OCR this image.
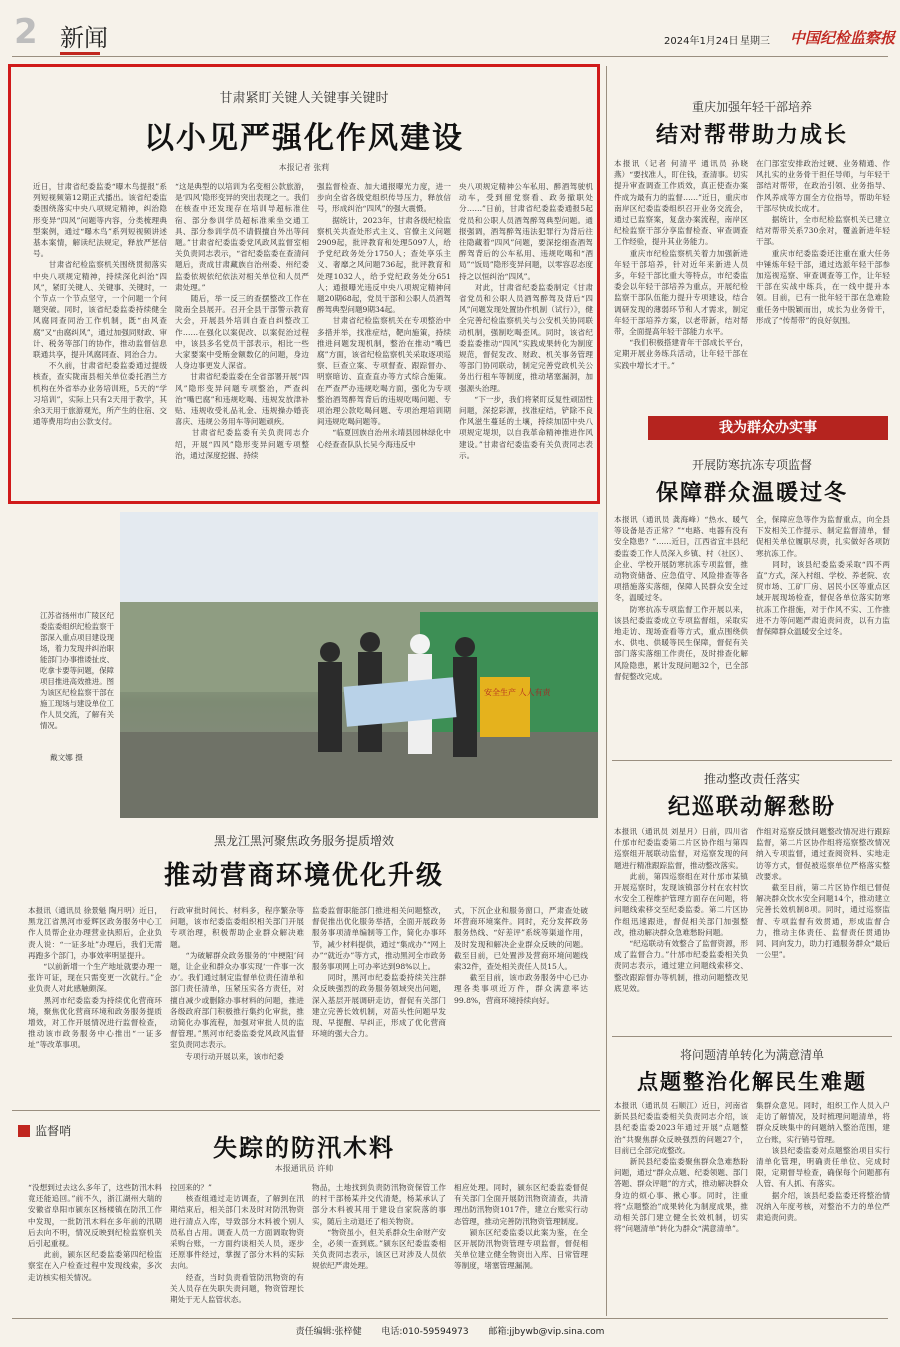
2 新闻	2024年1月24日 星期三 中国纪检监察报
甘肃紧盯关键人关键事关键时
以小见严强化作风建设
本报记者 张莉
近日，甘肃省纪委监委“曝木鸟提报”系列短视频第12期正式播出。该省纪委监委围绕落实中央八项规定精神，纠治隐形变异“四风”问题等内容，分类梳理典型案例，通过“曝木鸟”系列短视频讲述基本案情，解读纪法规定，释放严惩信号。
　　甘肃省纪检监察机关围绕贯彻落实中央八项规定精神，持续深化纠治“四风”，紧盯关键人、关键事、关键时，一个节点一个节点坚守，一个问题一个问题突破。同时，该省纪委监委持续健全风腐同查同治工作机制，既“由风查腐”又“由腐纠风”，通过加强同财政、审计、税务等部门的协作，推动监督信息联通共享，提升风腐同查、同治合力。
　　不久前，甘肃省纪委监委通过提级核查，查实陇南县相关单位委托酒兰方机构在外省举办业务培训班，5天的“学习培训”，实际上只有2天用于教学，其余3天用于旅游观光，所产生的住宿、交通等费用均由公款支付。
“这是典型的以培训为名变相公款旅游，是‘四风’隐形变异的突出表现之一。我们在核查中还发现存在培训导超标准住宿、部分参训学员超标准乘坐交通工具、部分参训学员不请假擅自外出等问题。”甘肃省纪委监委党风政风监督室相关负责同志表示，“省纪委监委在查清问题后，责成甘肃藏族自治州委、州纪委监委依规依纪依法对相关单位和人员严肃处理。”
　　随后，举一反三的查摆整改工作在陇南全县展开。召开全县干部警示教育大会，开展县外培训自查自纠整改工作……在强化以案促改、以案促治过程中，该县多名党员干部表示，相比一些大家要案中受贿金额数亿的问题，身边人身边事更发人深省。
　　甘肃省纪委监委在全省部署开展“四风”隐形变异问题专项整治，严查纠治“嘴巴腐”和违规吃喝、违规发放津补贴、违规收受礼品礼金、违规操办婚丧喜庆、违规公务用车等问题顽疾。
　　甘肃省纪委监委有关负责同志介绍，开展“四风”隐形变异问题专项整治，通过深度挖掘、持续
强监督检查、加大通报曝光力度，进一步向全省各级党组织传导压力，释放信号，形成纠治“四风”的强大震慑。
　　据统计，2023年，甘肃各级纪检监察机关共查处形式主义、官僚主义问题2909起，批评教育和处理5097人，给予党纪政务处分1750人；查处享乐主义、奢靡之风问题736起，批评教育和处理1032人，给予党纪政务处分651人；通报曝光违反中央八项规定精神问题20期68起，党员干部和公职人员酒驾醉驾典型问题9期34起。
　　甘肃省纪检监察机关在专项整治中多措并举，找准症结，靶向施策，持续推进问题发现机制，整治在推动“嘴巴腐”方面，该省纪检监察机关采取逐项巡察、巨查立案、专项督查、跟踪督办、明察暗访、直查直办等方式综合施策。在严查严办违规吃喝方面，强化为专项整治酒驾醉驾背后的违规吃喝问题、专项治理公款吃喝问题、专项治理培训期间违规吃喝问题等。
　　“临夏回族自治州永靖县园林绿化中心经查查队队长吴今海违反中
央八项规定精神公车私用、醉酒驾驶机动车，受到留党察看、政务撤职处分……”日前，甘肃省纪委监委通报5起党员和公职人员酒驾醉驾典型问题。通报强调，酒驾醉驾违法犯罪行为背后往往隐藏着“四风”问题，要深挖细查酒驾醉驾背后的公车私用、违规吃喝和“酒局”“饭局”隐形变异问题，以零容忍态度持之以恒纠治“四风”。
　　对此，甘肃省纪委监委制定《甘肃省党员和公职人员酒驾醉驾及背后“四风”问题发现处置协作机制（试行）》，健全完善纪检监察机关与公安机关协同联动机制，强制吃喝歪风。同时，该省纪委监委推动“四风”实践成果转化为制度规范，督促发改、财政、机关事务管理等部门协同联动，制定完善党政机关公务出行租车等制度，推动堵塞漏洞，加强源头治理。
　　“下一步，我们将紧盯反复性顽固性问题，深挖彩源，找准症结，铲除不良作风滋生蔓延的土壤，持续加固中央八项规定堤坝，以自我革命精神推进作风建设。”甘肃省纪委监委有关负责同志表示。
安全生产 人人有责
江苏省扬州市广陵区纪委监委组织纪检监察干部深入重点项目建设现场，着力发现并纠治职能部门办事推诿扯皮、吃拿卡要等问题，保障项目推进高效推进。图为该区纪检监察干部在施工现场与建设单位工作人员交流，了解有关情况。
戴文娜 摄
黑龙江黑河聚焦政务服务提质增效
推动营商环境优化升级
本报讯（通讯员 徐景魁 陶月明）近日，黑龙江省黑河市爱辉区政务服务中心工作人员帮企业办理营业执照后，企业负责人说：“一证多址”办理后，我们无需再跑多个部门，办事效率明显提升。
　　“以前新增一个生产地址就要办理一张许可证，现在只需变更一次就行。”企业负责人对此感触颇深。
　　黑河市纪委监委为持续优化营商环境，聚焦优化营商环境和政务服务提质增效，对工作开展情况进行监督检查，推动该市政务服务中心推出“一证多址”等改革事项。
行政审批时间长、材料多，程序繁杂等问题，该市纪委监委组织相关部门开展专项治理，积极帮助企业群众解决难题。
　　“为破解群众政务服务的‘中梗阻’问题，让企业和群众办事实现‘一件事一次办’。我们通过制定监督单位责任清单和部门责任清单，压紧压实各方责任，对擅自减少或删除办事材料的问题，推进各级政府部门积极推行集约化审批，推动简化办事流程，加强对审批人员的监督管理。”黑河市纪委监委党风政风监督室负责同志表示。
　　专项行动开展以来，该市纪委
监委监督职能部门推进相关问题整改，督促推出优化服务举措，全面开展政务服务事项清单编制等工作，简化办事环节，减少材料提供，通过“集成办”“网上办”“就近办”等方式，推动黑河全市政务服务事项网上可办率达到98%以上。
　　同时，黑河市纪委监委持续关注群众反映强烈的政务服务领域突出问题，深入基层开展调研走访，督促有关部门建立完善长效机制，对苗头性问题早发现、早提醒、早纠正，形成了优化营商环境的强大合力。
式，下沉企业和服务窗口，严肃查处破坏营商环境案件。同时，充分发挥政务服务热线、“好差评”系统等渠道作用，及时发现和解决企业群众反映的问题。截至目前，已处置涉及营商环境问题线索32件，查处相关责任人员15人。
　　截至目前，该市政务服务中心已办理各类事项近万件，群众满意率达99.8%，营商环境持续向好。
监督哨
失踪的防汛木料
本报通讯员 许帅
“没想到过去这么多年了，这些防汛木料竟还能追回。”前不久，浙江湖州大瑞的安徽省阜阳市颍东区杨楼镇在防汛工作中发现，一批防汛木料在多年前的汛期后去向不明，情况反映到纪检监察机关后引起重视。
　　此前，颍东区纪委监委第四纪检监察室在入户检查过程中发现线索，多次走访核实相关情况。
拉回来的？”
　　核查组通过走访调查，了解到在汛期结束后，相关部门未及时对防汛物资进行清点入库，导致部分木料被个别人员私自占用。调查人员一方面调取物资采购台账，一方面约谈相关人员，逐步还原事件经过，掌握了部分木料的实际去向。
　　经查，当时负责看管防汛物资的有关人员存在失职失责问题，物资管理长期处于无人监管状态。
物品，土地找到负责防汛物资保管工作的村干部杨某并交代清楚，杨某承认了部分木料被其用于建设自家院落的事实，随后主动退还了相关物资。
　　“物资虽小，但关系群众生命财产安全，必须一查到底。”颍东区纪委监委相关负责同志表示，该区已对涉及人员依规依纪严肃处理。
相应处理。同时，颍东区纪委监委督促有关部门全面开展防汛物资清查，共清理出防汛物资1017件，建立台账实行动态管理，推动完善防汛物资管理制度。
　　颍东区纪委监委以此案为鉴，在全区开展防汛物资管理专项监督，督促相关单位建立健全物资出入库、日常管理等制度，堵塞管理漏洞。
重庆加强年轻干部培养
结对帮带助力成长
本报讯（记者 何清平 通讯员 孙晓燕）“要找准人，盯住钱，查清事。切实提升审查调查工作质效，真正使查办案件成为最有力的监督……”近日，重庆市南岸区纪委监委组织召开业务交流会，通过已监察案，复盘办案流程，南岸区纪检监察干部分享监督检查、审查调查工作经验，提升其业务能力。
　　重庆市纪检监察机关着力加强新进年轻干部培养，针对近年来新进人员多，年轻干部比重大等特点，市纪委监委会以年轻干部培养为重点，开展纪检监察干部队伍能力提升专项建设，结合调研发现的薄弱环节和人才需求，制定年轻干部培养方案，以老带新，结对帮带，全面提高年轻干部能力水平。
　　“我们积极搭建青年干部成长平台，定期开展业务练兵活动，让年轻干部在实践中增长才干。”
在门部室安排政治过硬、业务精通、作风扎实的业务骨干担任导师，与年轻干部结对帮带，在政治引领、业务指导、作风养成等方面全方位指导，帮助年轻干部尽快成长成才。
　　据统计，全市纪检监察机关已建立结对帮带关系730余对，覆盖新进年轻干部。
　　重庆市纪委监委还注重在重大任务中锤炼年轻干部，通过选派年轻干部参加巡视巡察、审查调查等工作，让年轻干部在实战中练兵，在一线中提升本领。目前，已有一批年轻干部在急难险重任务中脱颖而出，成长为业务骨干，形成了“传帮带”的良好氛围。
我为群众办实事
开展防寒抗冻专项监督
保障群众温暖过冬
本报讯（通讯员 龚海峰）“热水、暖气等设备是否正常？”“电路、电器有没有安全隐患？”……近日，江西省宜丰县纪委监委工作人员深入乡镇、村（社区）、企业、学校开展防寒抗冻专项监督，推动物资储备、应急值守、风险排查等各项措施落实落细，保障人民群众安全过冬，温暖过冬。
　　防寒抗冻专项监督工作开展以来，该县纪委监委成立专项监督组，采取实地走访、现场查看等方式，重点围绕供水、供电、供暖等民生保障，督促有关部门落实落细工作责任，及时排查化解风险隐患，累计发现问题32个，已全部督促整改完成。
全，保障应急等作为监督重点，向全县下发相关工作提示、制定监督清单，督促相关单位履职尽责，扎实做好各项防寒抗冻工作。
　　同时，该县纪委监委采取“四不两直”方式，深入村组、学校、养老院、农贸市场、工矿厂房、居民小区等重点区域开展现场检查，督促各单位落实防寒抗冻工作措施，对于作风不实、工作推进不力等问题严肃追责问责，以有力监督保障群众温暖安全过冬。
推动整改责任落实
纪巡联动解愁盼
本报讯（通讯员 刘星月）日前，四川省什邡市纪委监委第二片区协作组与第四巡察组开展联动监督，对巡察发现的问题进行精准跟踪监督，推动整改落实。
　　此前，第四巡察组在对什邡市某镇开展巡察时，发现该镇部分村在农村饮水安全工程维护管理方面存在问题，将问题线索移交至纪委监委。第二片区协作组迅速跟进，督促相关部门加强整改，推动解决群众急难愁盼问题。
　　“纪巡联动有效整合了监督资源，形成了监督合力。”什邡市纪委监委相关负责同志表示，通过建立问题线索移交、整改跟踪督办等机制，推动问题整改见底见效。
作组对巡察反馈问题整改情况进行跟踪监督，第二片区协作组将巡察整改情况纳入专项监督，通过查阅资料、实地走访等方式，督促被巡察单位严格落实整改要求。
　　截至目前，第二片区协作组已督促解决群众饮水安全问题14个，推动建立完善长效机制8项。同时，通过巡察监督、专项监督有效贯通，形成监督合力，推动主体责任、监督责任贯通协同、同向发力，助力打通服务群众“最后一公里”。
将问题清单转化为满意清单
点题整治化解民生难题
本报讯（通讯员 石顺江）近日，河南省新民县纪委监委相关负责同志介绍，该县纪委监委2023年通过开展“点题整治”共聚焦群众反映强烈的问题27个，目前已全部完成整改。
　　新民县纪委监委聚焦群众急难愁盼问题，通过“群众点题、纪委领题、部门答题、群众评题”的方式，推动解决群众身边的烦心事、揪心事。同时，注重将“点题整治”成果转化为制度成果，推动相关部门建立健全长效机制，切实将“问题清单”转化为群众“满意清单”。
集群众意见。同时，组织工作人员入户走访了解情况，及时梳理问题清单，将群众反映集中的问题纳入整治范围，建立台账，实行销号管理。
　　该县纪委监委对点题整治项目实行清单化管理，明确责任单位、完成时限，定期督导检查，确保每个问题都有人管、有人抓、有落实。
　　据介绍，该县纪委监委还将整治情况纳入年度考核，对整治不力的单位严肃追责问责。
责任编辑:张梓健 电话:010-59594973 邮箱:jjbywb@vip.sina.com
